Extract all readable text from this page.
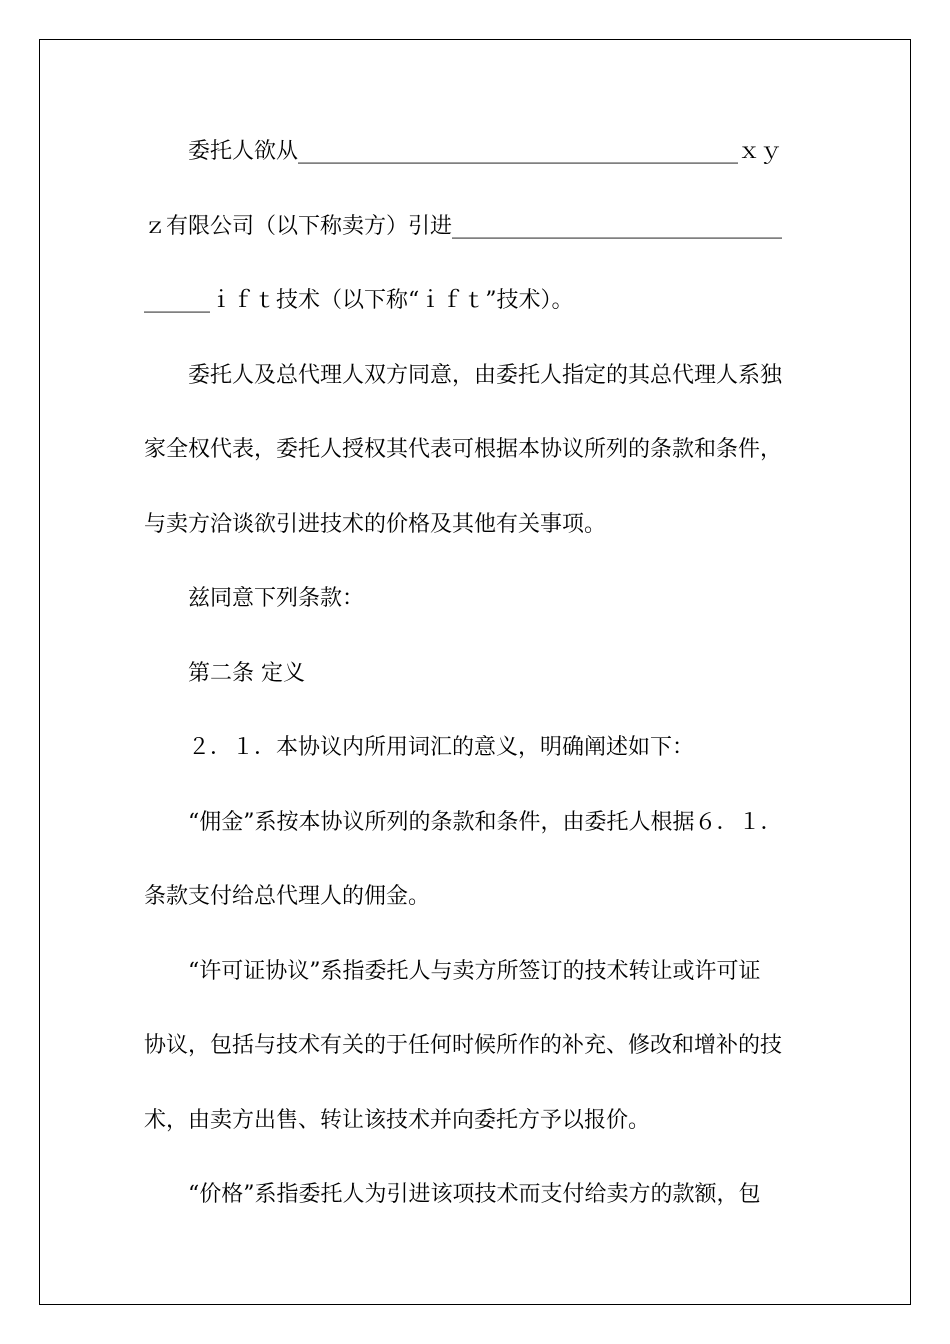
　　委托人欲从________________________________________ｘｙ
ｚ有限公司（以下称卖方）引进______________________________
______ｉｆｔ技术（以下称“ｉｆｔ”技术）。
　　委托人及总代理人双方同意，由委托人指定的其总代理人系独
家全权代表，委托人授权其代表可根据本协议所列的条款和条件，
与卖方洽谈欲引进技术的价格及其他有关事项。
　　兹同意下列条款：
　　第二条 定义
　　２．１．本协议内所用词汇的意义，明确阐述如下：
　　“佣金”系按本协议所列的条款和条件，由委托人根据６．１．
条款支付给总代理人的佣金。
　　“许可证协议”系指委托人与卖方所签订的技术转让或许可证
协议，包括与技术有关的于任何时候所作的补充、修改和增补的技
术，由卖方出售、转让该技术并向委托方予以报价。
　　“价格”系指委托人为引进该项技术而支付给卖方的款额，包
